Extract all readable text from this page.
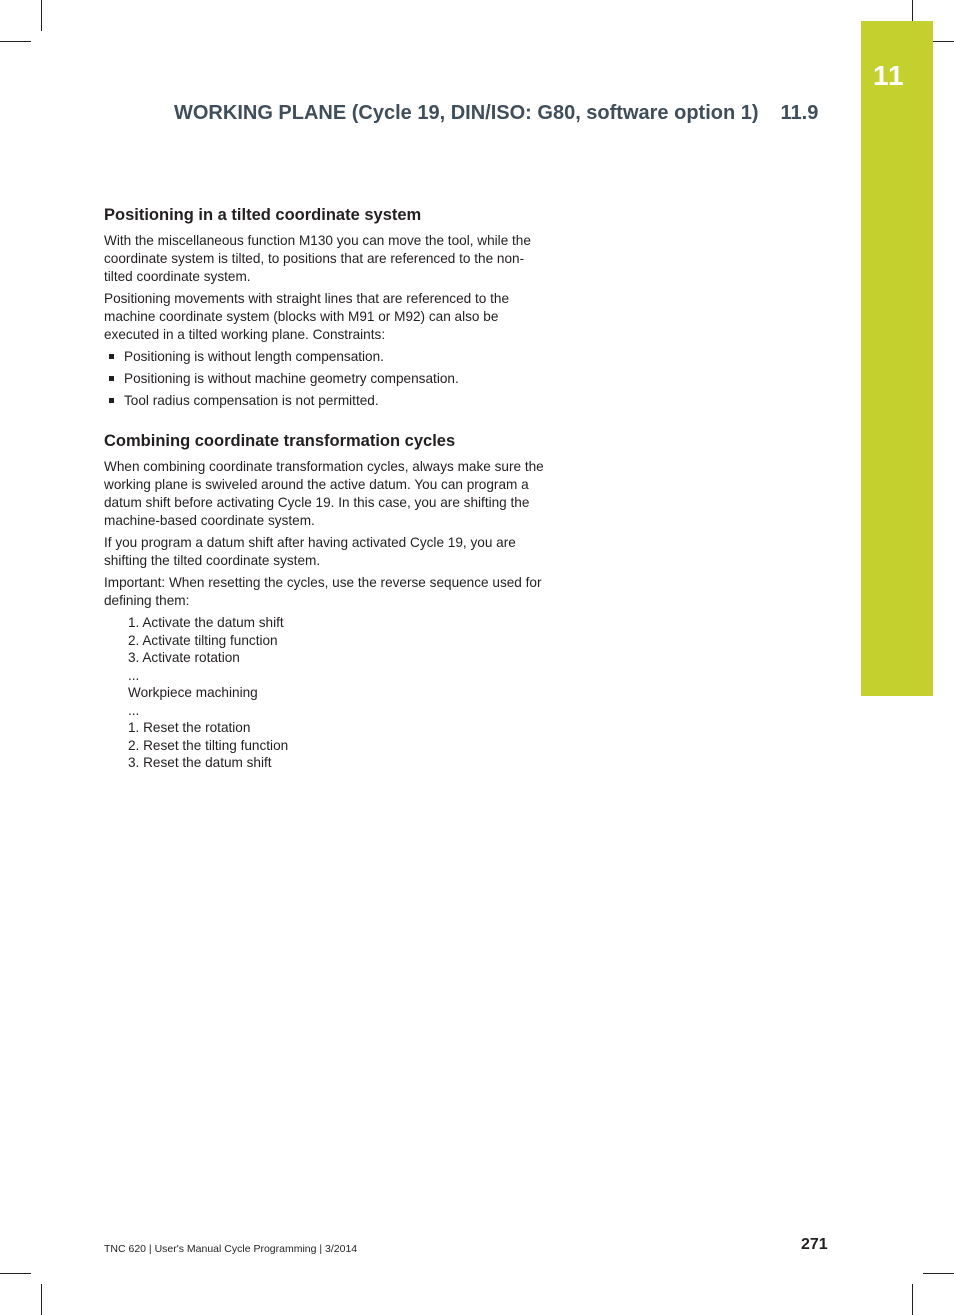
11
WORKING PLANE (Cycle 19, DIN/ISO: G80, software option 1) 11.9
Positioning in a tilted coordinate system

With the miscellaneous function M130 you can move the tool, while the coordinate system is tilted, to positions that are referenced to the non-tilted coordinate system.

Positioning movements with straight lines that are referenced to the machine coordinate system (blocks with M91 or M92) can also be executed in a tilted working plane. Constraints:

Positioning is without length compensation.
Positioning is without machine geometry compensation.
Tool radius compensation is not permitted.
Combining coordinate transformation cycles

When combining coordinate transformation cycles, always make sure the working plane is swiveled around the active datum. You can program a datum shift before activating Cycle 19. In this case, you are shifting the machine-based coordinate system.

If you program a datum shift after having activated Cycle 19, you are shifting the tilted coordinate system.

Important: When resetting the cycles, use the reverse sequence used for defining them:

1. Activate the datum shift
2. Activate tilting function
3. Activate rotation
...
Workpiece machining
...
1. Reset the rotation
2. Reset the tilting function
3. Reset the datum shift
TNC 620 | User's Manual Cycle Programming | 3/2014	271
